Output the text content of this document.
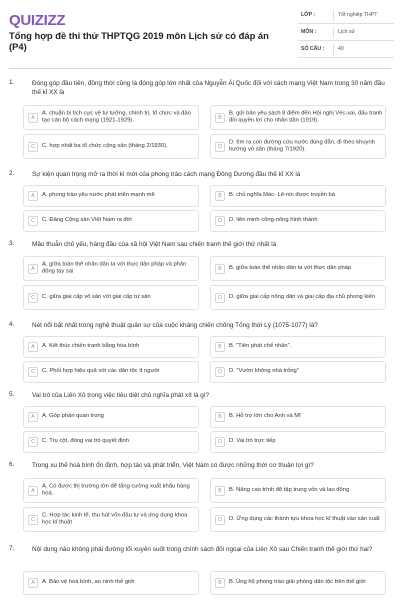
QUIZIZZ
Tổng hợp đề thi thử THPTQG 2019 môn Lịch sử có đáp án (P4)
LỚP :	Tốt nghiệp THPT
MÔN :	Lịch sử
SỐ CÂU :	40
1.	Đóng góp đầu tiên, đồng thời cũng là đóng góp lớn nhất của Nguyễn Ái Quốc đối với cách mạng Việt Nam trong 30 năm đầu thế kỉ XX là
A
A. chuẩn bị tích cực về tư tưởng, chính trị, tổ chức và đào tạo cán bộ cách mạng (1921-1929).	B
B. gửi bản yêu sách 8 điểm đến Hội nghị Véc-xai, đấu tranh đòi quyền lợi cho nhân dân (1919).
C	C. hợp nhất ba tổ chức cộng sản (tháng 2/1930).	D
D. tìm ra con đường cứu nước đúng đắn, đi theo khuynh hướng vô sản (tháng 7/1920).
2.	Sự kiện quan trọng mở ra thời kì mới của phong trào cách mạng Đông Dương đầu thế kỉ XX là
A	A. phong trào yêu nước phát triển mạnh mẽ	B	B. chủ nghĩa Mác- Lê-nin được truyền bá
C	C. Đảng Cộng sản Việt Nam ra đời	D	D. liên minh công-nông hình thành
3.	Mâu thuẫn chủ yếu, hàng đầu của xã hội Việt Nam sau chiến tranh thế giới thứ nhất là
A
A. giữa toàn thể nhân dân ta với thực dân pháp và phản động tay sai	B	B. giữa toàn thể nhân dân ta với thực dân pháp
C	C. giữa giai cấp vô sản với giai cấp tư sản	D	D. giữa giai cấp nông dân và giai cấp địa chủ phong kiến
4.	Nét nổi bật nhất trong nghệ thuật quân sự của cuộc kháng chiến chống Tống thời Lý (1075-1077) là?
A	A. Kết thúc chiến tranh bằng hòa bình	B	B. "Tiên phát chế nhân".
C	C. Phối hợp hiệu quả với các dân tộc ít người	D	D. "Vườn không nhà trống"
5.	Vai trò của Liên Xô trong việc tiêu diệt chủ nghĩa phát xít là gì?
A	A. Góp phần quan trọng	B	B. Hỗ trợ lớn cho Anh và Mĩ
C	C. Trụ cột, đóng vai trò quyết định	D	D. Vai trò trực tiếp
6.	Trong xu thế hoà bình ổn định, hợp tác và phát triển, Việt Nam có được những thời cơ thuận lợi gì?
A
A. Có được thị trường lớn để tăng cường xuất khẩu hàng hoá.	B	B. Nâng cao trình độ tập trung vốn và lao động
C
C. Hợp tác kinh tế, thu hút vốn đầu tư và ứng dụng khoa học kĩ thuật	D	D. Ứng dụng các thành tựu khoa học kĩ thuật vào sản xuất
7.	Nội dung nào không phải đường lối xuyên suốt trong chính sách đối ngoại của Liên Xô sau Chiến tranh thế giới thứ hai?
A	A. Bảo vệ hoà bình, an ninh thế giới	B	B. Ủng hộ phong trào giải phóng dân tộc trên thế giới
